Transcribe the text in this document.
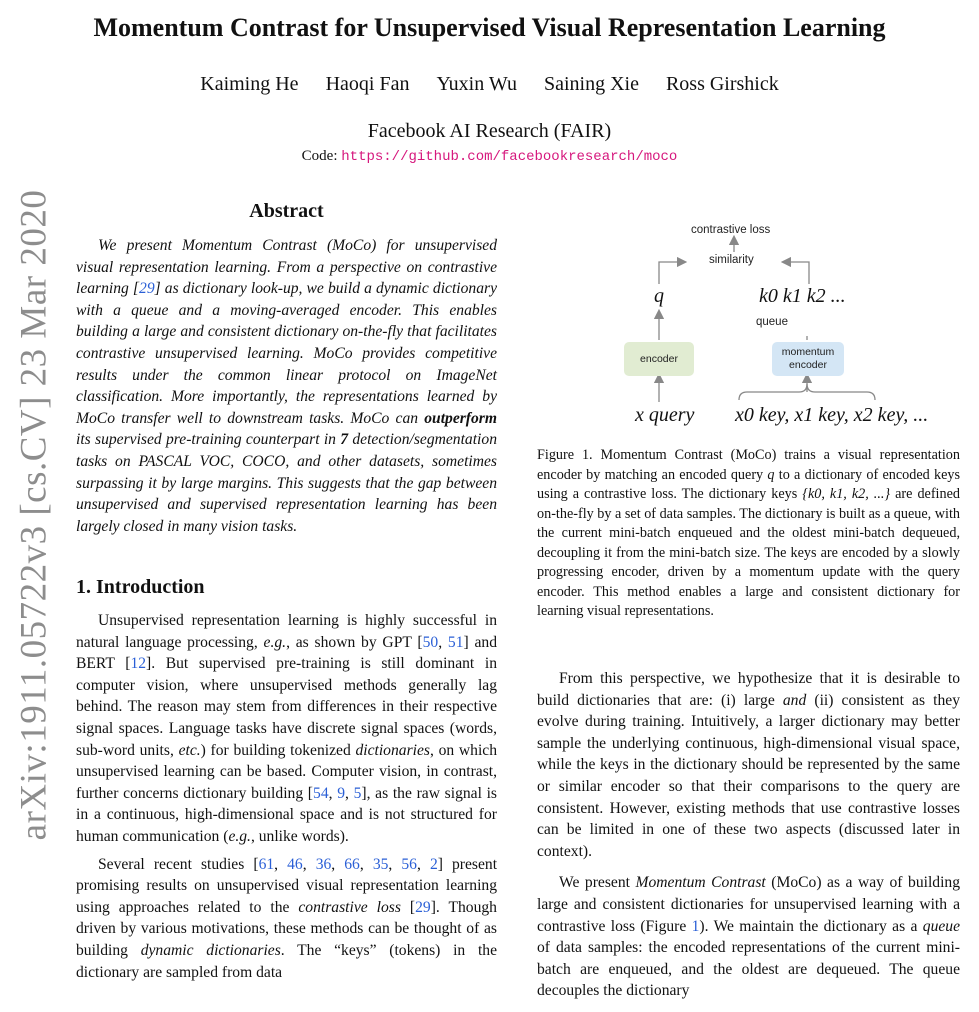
arXiv:1911.05722v3 [cs.CV] 23 Mar 2020
Momentum Contrast for Unsupervised Visual Representation Learning
Kaiming He Haoqi Fan Yuxin Wu Saining Xie Ross Girshick
Facebook AI Research (FAIR)
Code: https://github.com/facebookresearch/moco
Abstract

We present Momentum Contrast (MoCo) for unsupervised visual representation learning. From a perspective on contrastive learning [29] as dictionary look-up, we build a dynamic dictionary with a queue and a moving-averaged encoder. This enables building a large and consistent dictionary on-the-fly that facilitates contrastive unsupervised learning. MoCo provides competitive results under the common linear protocol on ImageNet classification. More importantly, the representations learned by MoCo transfer well to downstream tasks. MoCo can outperform its supervised pre-training counterpart in 7 detection/segmentation tasks on PASCAL VOC, COCO, and other datasets, sometimes surpassing it by large margins. This suggests that the gap between unsupervised and supervised representation learning has been largely closed in many vision tasks.

1. Introduction

Unsupervised representation learning is highly successful in natural language processing, e.g., as shown by GPT [50, 51] and BERT [12]. But supervised pre-training is still dominant in computer vision, where unsupervised methods generally lag behind. The reason may stem from differences in their respective signal spaces. Language tasks have discrete signal spaces (words, sub-word units, etc.) for building tokenized dictionaries, on which unsupervised learning can be based. Computer vision, in contrast, further concerns dictionary building [54, 9, 5], as the raw signal is in a continuous, high-dimensional space and is not structured for human communication (e.g., unlike words).

Several recent studies [61, 46, 36, 66, 35, 56, 2] present promising results on unsupervised visual representation learning using approaches related to the contrastive loss [29]. Though driven by various motivations, these methods can be thought of as building dynamic dictionaries. The “keys” (tokens) in the dictionary are sampled from data

contrastive loss
similarity
q	k0 k1 k2 ...
queue
encoder
momentum encoder
x query x0 key, x1 key, x2 key, ...

Figure 1. Momentum Contrast (MoCo) trains a visual representation encoder by matching an encoded query q to a dictionary of encoded keys using a contrastive loss. The dictionary keys {k0, k1, k2, ...} are defined on-the-fly by a set of data samples. The dictionary is built as a queue, with the current mini-batch enqueued and the oldest mini-batch dequeued, decoupling it from the mini-batch size. The keys are encoded by a slowly progressing encoder, driven by a momentum update with the query encoder. This method enables a large and consistent dictionary for learning visual representations.

From this perspective, we hypothesize that it is desirable to build dictionaries that are: (i) large and (ii) consistent as they evolve during training. Intuitively, a larger dictionary may better sample the underlying continuous, high-dimensional visual space, while the keys in the dictionary should be represented by the same or similar encoder so that their comparisons to the query are consistent. However, existing methods that use contrastive losses can be limited in one of these two aspects (discussed later in context).

We present Momentum Contrast (MoCo) as a way of building large and consistent dictionaries for unsupervised learning with a contrastive loss (Figure 1). We maintain the dictionary as a queue of data samples: the encoded representations of the current mini-batch are enqueued, and the oldest are dequeued. The queue decouples the dictionary
